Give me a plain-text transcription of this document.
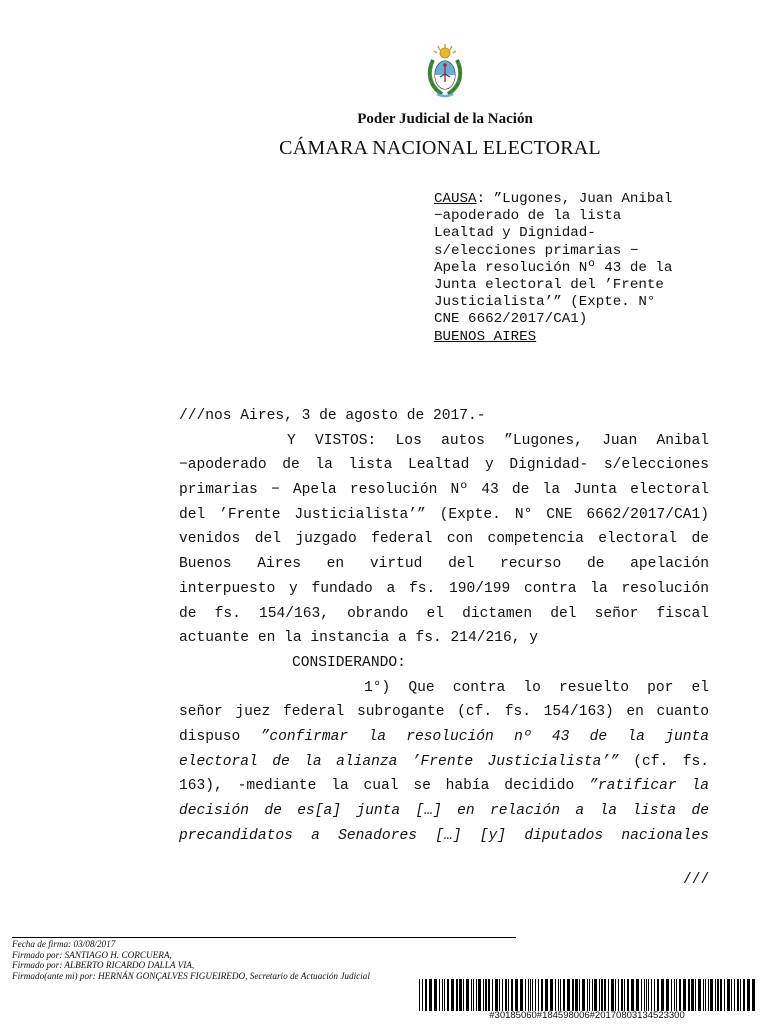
Poder Judicial de la Nación
CÁMARA NACIONAL ELECTORAL
CAUSA: ”Lugones, Juan Anibal
−apoderado de la lista
Lealtad y Dignidad-
s/elecciones primarias −
Apela resolución Nº 43 de la
Junta electoral del ’Frente
Justicialista’” (Expte. N°
CNE 6662/2017/CA1)
BUENOS AIRES
///nos Aires, 3 de agosto de 2017.-
Y VISTOS: Los autos ”Lugones, Juan Anibal
−apoderado de la lista Lealtad y Dignidad- s/elecciones
primarias − Apela resolución Nº 43 de la Junta electoral
del ’Frente Justicialista’” (Expte. N° CNE 6662/2017/CA1)
venidos del juzgado federal con competencia electoral de
Buenos Aires en virtud del recurso de apelación
interpuesto y fundado a fs. 190/199 contra la resolución
de fs. 154/163, obrando el dictamen del señor fiscal
actuante en la instancia a fs. 214/216, y
CONSIDERANDO:
1°) Que contra lo resuelto por el
señor juez federal subrogante (cf. fs. 154/163) en cuanto
dispuso ”confirmar la resolución nº 43 de la junta
electoral de la alianza ’Frente Justicialista’” (cf. fs.
163), -mediante la cual se había decidido ”ratificar la
decisión de es[a] junta […] en relación a la lista de
precandidatos a Senadores […] [y] diputados nacionales
///
Fecha de firma: 03/08/2017
Firmado por: SANTIAGO H. CORCUERA,
Firmado por: ALBERTO RICARDO DALLA VIA,
Firmado(ante mi) por: HERNÁN GONÇALVES FIGUEIREDO, Secretario de Actuación Judicial
#30185060#184598006#20170803134523300
